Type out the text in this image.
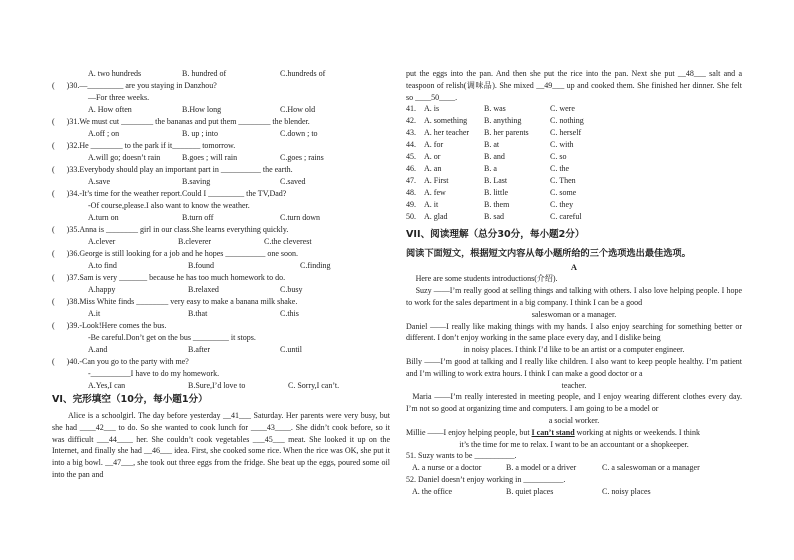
A. two hundreds

	B. hundred of

	C.hundreds of

(      )30.—_________ are you staying in Danzhou?
—For three weeks.

A. How often

	B.How long

	C.How old

(      )31.We must cut ________ the bananas and put them ________ the blender.

A.off ; on

	B. up ; into

	C.down ; to

(      )32.He ________ to the park if it_______ tomorrow.

A.will go; doesn’t rain

	B.goes ; will rain

	C.goes ; rains

(      )33.Everybody should play an important part in __________ the earth.

A.save

	B.saving

	C.saved

(      )34.-It’s time for the weather report.Could I _________ the TV,Dad?
-Of course,please.I also want to know the weather.

A.turn on

	B.turn off

	C.turn down

(      )35.Anna is ________ girl in our class.She learns everything quickly.

A.clever

	B.cleverer

	C.the cleverest

(      )36.George is still looking for a job and he hopes __________ one soon.

A.to find

	B.found

	C.finding

(      )37.Sam is very _______ because he has too much homework to do.

A.happy

	B.relaxed

	C.busy

(      )38.Miss White finds ________ very easy to make a banana milk shake.

A.it

	B.that

	C.this

(      )39.-Look!Here comes the bus.
-Be careful.Don’t get on the bus _________ it stops.

A.and

	B.after

	C.until

(      )40.-Can you go to the party with me?
-__________I have to do my homework.

A.Yes,I can

	B.Sure,I’d love to

	C. Sorry,I can’t.

VI、完形填空（10分，每小题1分）

Alice is a schoolgirl. The day before yesterday __41___ Saturday. Her parents were very busy, but she had ____42___ to do. So she wanted to cook lunch for ____43____. She didn’t cook before, so it was difficult ___44____ her. She couldn’t cook vegetables ___45___ meat. She looked it up on the Internet, and finally she had __46___ idea. First, she cooked some rice. When the rice was OK, she put it into a big bowl. __47___, she took out three eggs from the fridge. She beat up the eggs, poured some oil into the pan and

put the eggs into the pan. And then she put the rice into the pan. Next she put __48___ salt and a teaspoon of relish(调味品). She mixed __49___ up and cooked them. She finished her dinner. She felt so ____50____.

41.

A. is

	B. was

	C. were

42.

A. something

B. anything

	C. nothing

43.

A. her teacher

B. her parents

	C. herself

44.

A. for

	B. at

	C. with

45.

A. or

	B. and

	C. so

46.

A. an

	B. a

	C. the

47.

A. First

	B. Last

	C. Then

48.

A. few

	B. little

	C. some

49.

A. it

	B. them

	C. they

50.

A. glad

	B. sad

	C. careful

VII、阅读理解（总分30分，每小题2分）
阅读下面短文，根据短文内容从每小题所给的三个选项选出最佳选项。
A
Here are some students introductions(介绍).

Suzy ——I’m really good at selling things and talking with others. I also love helping people. I hope to work for the sales department in a big company. I think I can be a good

saleswoman or a manager.

Daniel ——I really like making things with my hands. I also enjoy searching for something better or different. I don’t enjoy working in the same place every day, and I dislike being

in noisy places. I think I’d like to be an artist or a computer engineer.

Billy ——I’m good at talking and I really like children. I also want to keep people healthy. I’m patient and I’m willing to work extra hours. I think I can make a good doctor or a

teacher.

Maria ——I’m really interested in meeting people, and I enjoy wearing different clothes every day. I’m not so good at organizing time and computers. I am going to be a model or

a social worker.

Millie ——I enjoy helping people, but I can’t stand working at nights or weekends. I think

it’s the time for me to relax. I want to be an accountant or a shopkeeper.
51. Suzy wants to be __________.

A. a nurse or a doctor

	B. a model or a driver

	C. a saleswoman or a manager

52. Daniel doesn’t enjoy working in __________.

A. the office

	B. quiet places

	C. noisy places
